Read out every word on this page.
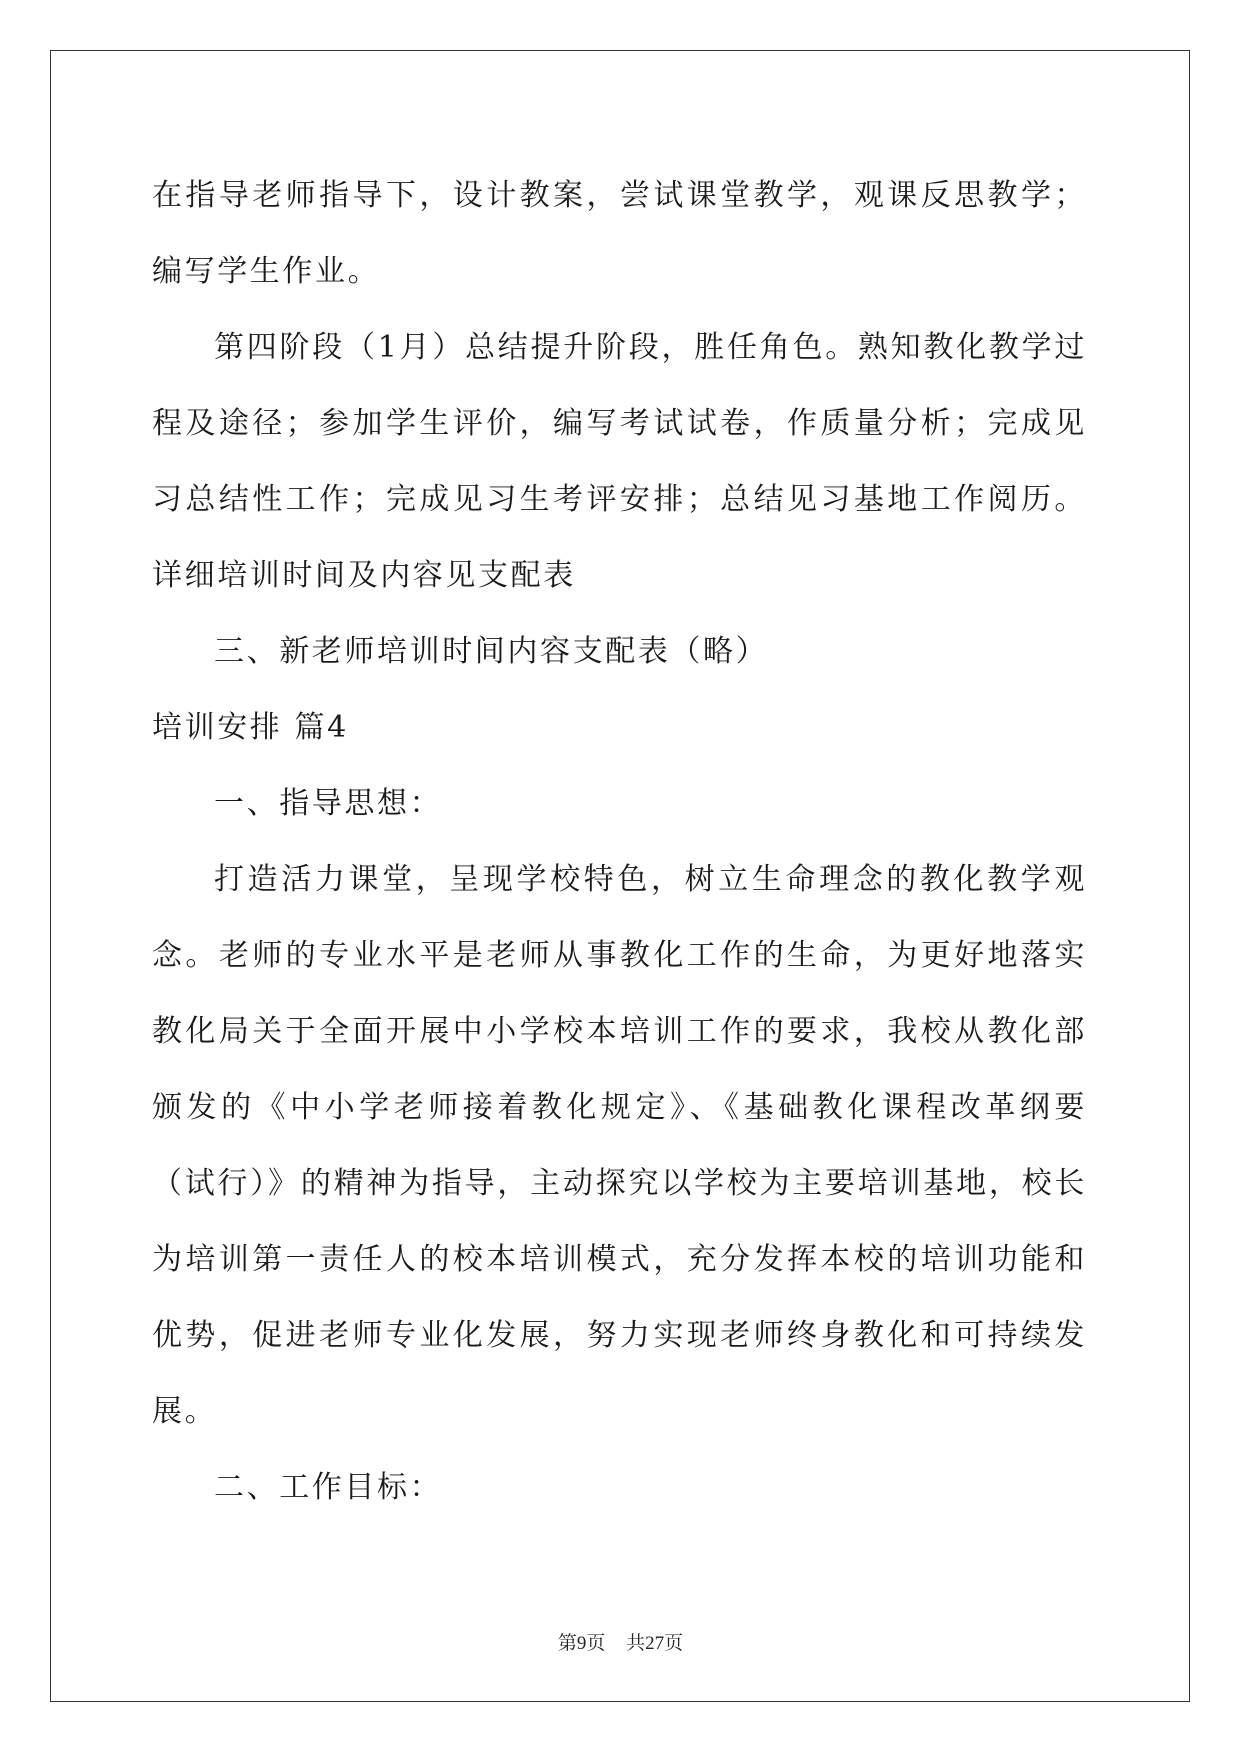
在指导老师指导下，设计教案，尝试课堂教学，观课反思教学；编写学生作业。

第四阶段（1月）总结提升阶段，胜任角色。熟知教化教学过程及途径；参加学生评价，编写考试试卷，作质量分析；完成见习总结性工作；完成见习生考评安排；总结见习基地工作阅历。详细培训时间及内容见支配表

三、新老师培训时间内容支配表（略）

培训安排 篇4

一、指导思想：

打造活力课堂，呈现学校特色，树立生命理念的教化教学观念。老师的专业水平是老师从事教化工作的生命，为更好地落实教化局关于全面开展中小学校本培训工作的要求，我校从教化部颁发的《中小学老师接着教化规定》、《基础教化课程改革纲要（试行）》的精神为指导，主动探究以学校为主要培训基地，校长为培训第一责任人的校本培训模式，充分发挥本校的培训功能和优势，促进老师专业化发展，努力实现老师终身教化和可持续发展。

二、工作目标：

第9页 共27页
